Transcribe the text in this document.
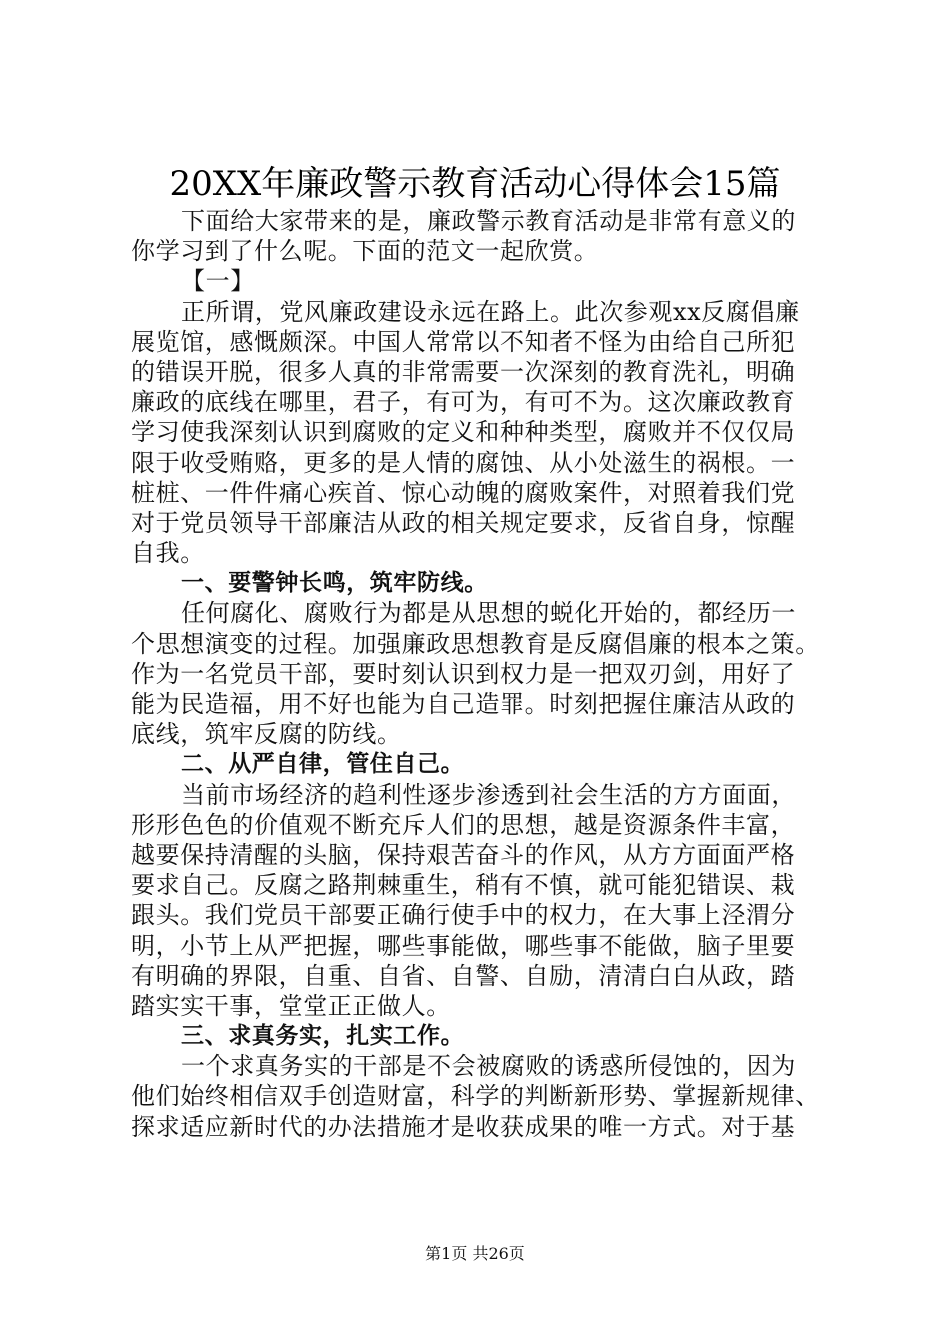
20XX年廉政警示教育活动心得体会15篇
下面给大家带来的是，廉政警示教育活动是非常有意义的
你学习到了什么呢。下面的范文一起欣赏。
【一】
正所谓，党风廉政建设永远在路上。此次参观xx反腐倡廉
展览馆，感慨颇深。中国人常常以不知者不怪为由给自己所犯
的错误开脱，很多人真的非常需要一次深刻的教育洗礼，明确
廉政的底线在哪里，君子，有可为，有可不为。这次廉政教育
学习使我深刻认识到腐败的定义和种种类型，腐败并不仅仅局
限于收受贿赂，更多的是人情的腐蚀、从小处滋生的祸根。一
桩桩、一件件痛心疾首、惊心动魄的腐败案件，对照着我们党
对于党员领导干部廉洁从政的相关规定要求，反省自身，惊醒
自我。
一、要警钟长鸣，筑牢防线。
任何腐化、腐败行为都是从思想的蜕化开始的，都经历一
个思想演变的过程。加强廉政思想教育是反腐倡廉的根本之策。
作为一名党员干部，要时刻认识到权力是一把双刃剑，用好了
能为民造福，用不好也能为自己造罪。时刻把握住廉洁从政的
底线，筑牢反腐的防线。
二、从严自律，管住自己。
当前市场经济的趋利性逐步渗透到社会生活的方方面面，
形形色色的价值观不断充斥人们的思想，越是资源条件丰富，
越要保持清醒的头脑，保持艰苦奋斗的作风，从方方面面严格
要求自己。反腐之路荆棘重生，稍有不慎，就可能犯错误、栽
跟头。我们党员干部要正确行使手中的权力，在大事上泾渭分
明，小节上从严把握，哪些事能做，哪些事不能做，脑子里要
有明确的界限，自重、自省、自警、自励，清清白白从政，踏
踏实实干事，堂堂正正做人。
三、求真务实，扎实工作。
一个求真务实的干部是不会被腐败的诱惑所侵蚀的，因为
他们始终相信双手创造财富，科学的判断新形势、掌握新规律、
探求适应新时代的办法措施才是收获成果的唯一方式。对于基
第1页 共26页
